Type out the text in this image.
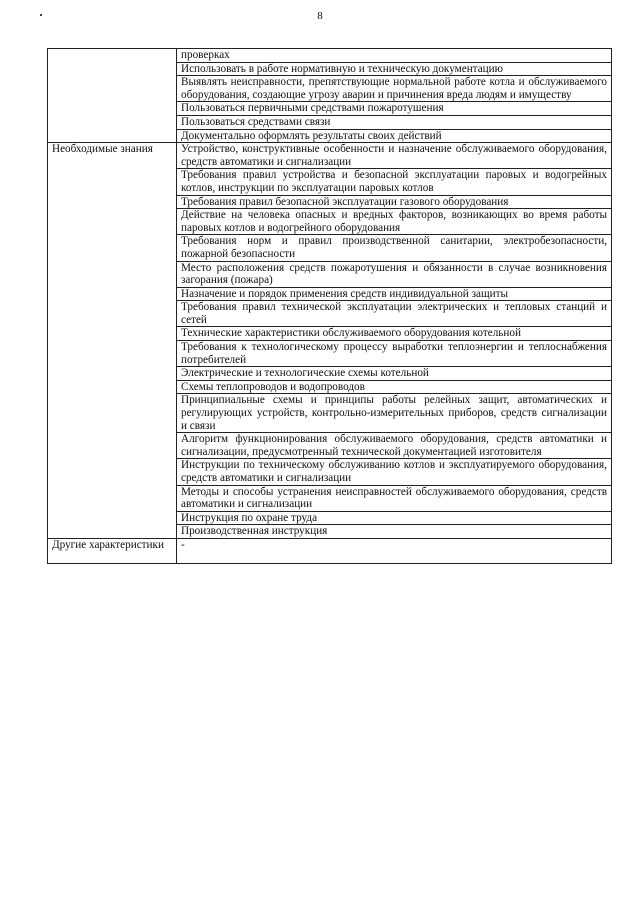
8
	проверках
	Использовать в работе нормативную и техническую документацию
	Выявлять неисправности, препятствующие нормальной работе котла и обслуживаемого оборудования, создающие угрозу аварии и причинения вреда людям и имуществу
	Пользоваться первичными средствами пожаротушения
	Пользоваться средствами связи
	Документально оформлять результаты своих действий
Необходимые знания	Устройство, конструктивные особенности и назначение обслуживаемого оборудования, средств автоматики и сигнализации
	Требования правил устройства и безопасной эксплуатации паровых и водогрейных котлов, инструкции по эксплуатации паровых котлов
	Требования правил безопасной эксплуатации газового оборудования
	Действие на человека опасных и вредных факторов, возникающих во время работы паровых котлов и водогрейного оборудования
	Требования норм и правил производственной санитарии, электробезопасности, пожарной безопасности
	Место расположения средств пожаротушения и обязанности в случае возникновения загорания (пожара)
	Назначение и порядок применения средств индивидуальной защиты
	Требования правил технической эксплуатации электрических и тепловых станций и сетей
	Технические характеристики обслуживаемого оборудования котельной
	Требования к технологическому процессу выработки теплоэнергии и теплоснабжения потребителей
	Электрические и технологические схемы котельной
	Схемы теплопроводов и водопроводов
	Принципиальные схемы и принципы работы релейных защит, автоматических и регулирующих устройств, контрольно-измерительных приборов, средств сигнализации и связи
	Алгоритм функционирования обслуживаемого оборудования, средств автоматики и сигнализации, предусмотренный технической документацией изготовителя
	Инструкции по техническому обслуживанию котлов и эксплуатируемого оборудования, средств автоматики и сигнализации
	Методы и способы устранения неисправностей обслуживаемого оборудования, средств автоматики и сигнализации
	Инструкция по охране труда
	Производственная инструкция
Другие характеристики	-
